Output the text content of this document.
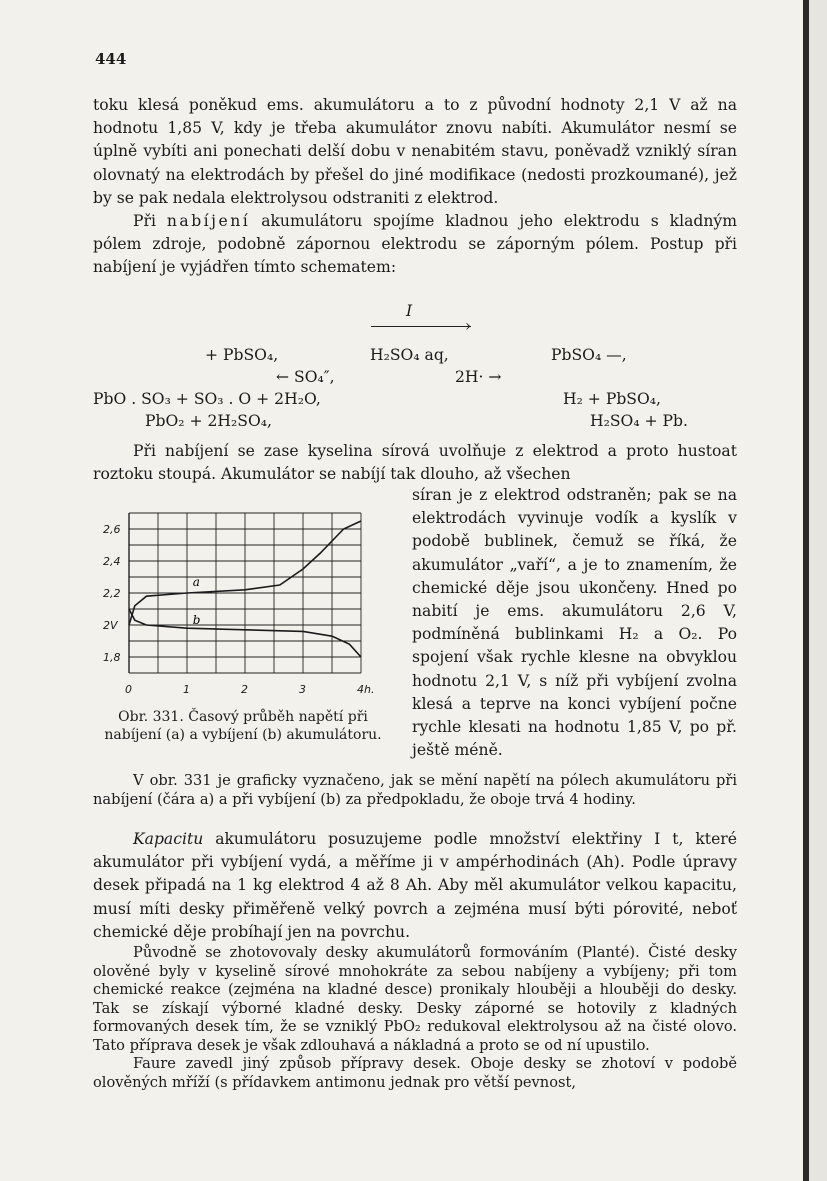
444

toku klesá poněkud ems. akumulátoru a to z původní hodnoty 2,1 V až na hodnotu 1,85 V, kdy je třeba akumulátor znovu nabíti. Akumulátor nesmí se úplně vybíti ani ponechati delší dobu v nenabitém stavu, poněvadž vzniklý síran olovnatý na elektrodách by přešel do jiné modifikace (nedosti prozkoumané), jež by se pak nedala elektrolysou odstraniti z elektrod.

Při nabíjení akumulátoru spojíme kladnou jeho elektrodu s kladným pólem zdroje, podobně zápornou elektrodu se záporným pólem. Postup při nabíjení je vyjádřen tímto schematem:

I
›
+ PbSO₄,	H₂SO₄ aq,	PbSO₄ —,
← SO₄″,	2H· →
PbO . SO₃ + SO₃ . O + 2H₂O,	H₂ + PbSO₄,
PbO₂ + 2H₂SO₄,	H₂SO₄ + Pb.
Při nabíjení se zase kyselina sírová uvolňuje z elektrod a proto hustoat roztoku stoupá. Akumulátor se nabíjí tak dlouho, až všechen
2,6
2,4
2,2
2V
1,8
0	1	2	3	4h.
a
b
Obr. 331. Časový průběh napětí při nabíjení (a) a vybíjení (b) akumulátoru.

síran je z elektrod odstraněn; pak se na elektrodách vyvinuje vodík a kyslík v podobě bublinek, čemuž se říká, že akumulátor „vaří“, a je to znamením, že chemické děje jsou ukončeny. Hned po nabití je ems. akumulátoru 2,6 V, podmíněná bublinkami H₂ a O₂. Po spojení však rychle klesne na obvyklou hodnotu 2,1 V, s níž při vybíjení zvolna klesá a teprve na konci vybíjení počne rychle klesati na hodnotu 1,85 V, po př. ještě méně.

V obr. 331 je graficky vyznačeno, jak se mění napětí na pólech akumulátoru při nabíjení (čára a) a při vybíjení (b) za předpokladu, že oboje trvá 4 hodiny.

Kapacitu akumulátoru posuzujeme podle množství elektřiny I t, které akumulátor při vybíjení vydá, a měříme ji v ampérhodinách (Ah). Podle úpravy desek připadá na 1 kg elektrod 4 až 8 Ah. Aby měl akumulátor velkou kapacitu, musí míti desky přiměřeně velký povrch a zejména musí býti pórovité, neboť chemické děje probíhají jen na povrchu.

Původně se zhotovovaly desky akumulátorů formováním (Planté). Čisté desky olověné byly v kyselině sírové mnohokráte za sebou nabíjeny a vybíjeny; při tom chemické reakce (zejména na kladné desce) pronikaly hlouběji a hlouběji do desky. Tak se získají výborné kladné desky. Desky záporné se hotovily z kladných formovaných desek tím, že se vzniklý PbO₂ redukoval elektrolysou až na čisté olovo. Tato příprava desek je však zdlouhavá a nákladná a proto se od ní upustilo.

Faure zavedl jiný způsob přípravy desek. Oboje desky se zhotoví v podobě olověných mříží (s přídavkem antimonu jednak pro větší pevnost,
